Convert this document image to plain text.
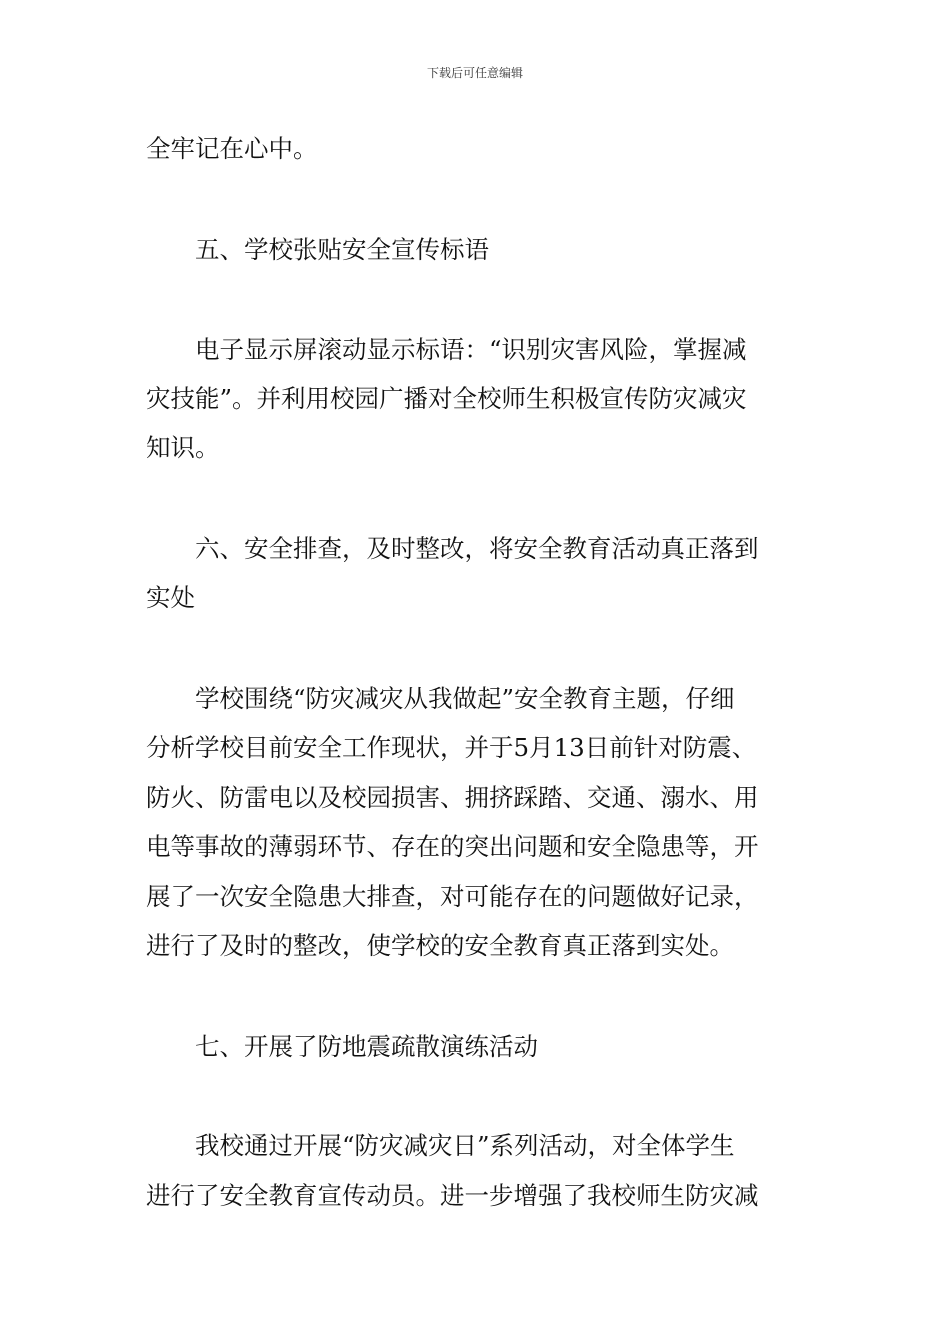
下载后可任意编辑
全牢记在心中。
　　五、学校张贴安全宣传标语
　　电子显示屏滚动显示标语：“识别灾害风险，掌握减
灾技能”。并利用校园广播对全校师生积极宣传防灾减灾
知识。
　　六、安全排查，及时整改，将安全教育活动真正落到
实处
　　学校围绕“防灾减灾从我做起”安全教育主题，仔细
分析学校目前安全工作现状，并于5月13日前针对防震、
防火、防雷电以及校园损害、拥挤踩踏、交通、溺水、用
电等事故的薄弱环节、存在的突出问题和安全隐患等，开
展了一次安全隐患大排查，对可能存在的问题做好记录，
进行了及时的整改，使学校的安全教育真正落到实处。
　　七、开展了防地震疏散演练活动
　　我校通过开展“防灾减灾日”系列活动，对全体学生
进行了安全教育宣传动员。进一步增强了我校师生防灾减
